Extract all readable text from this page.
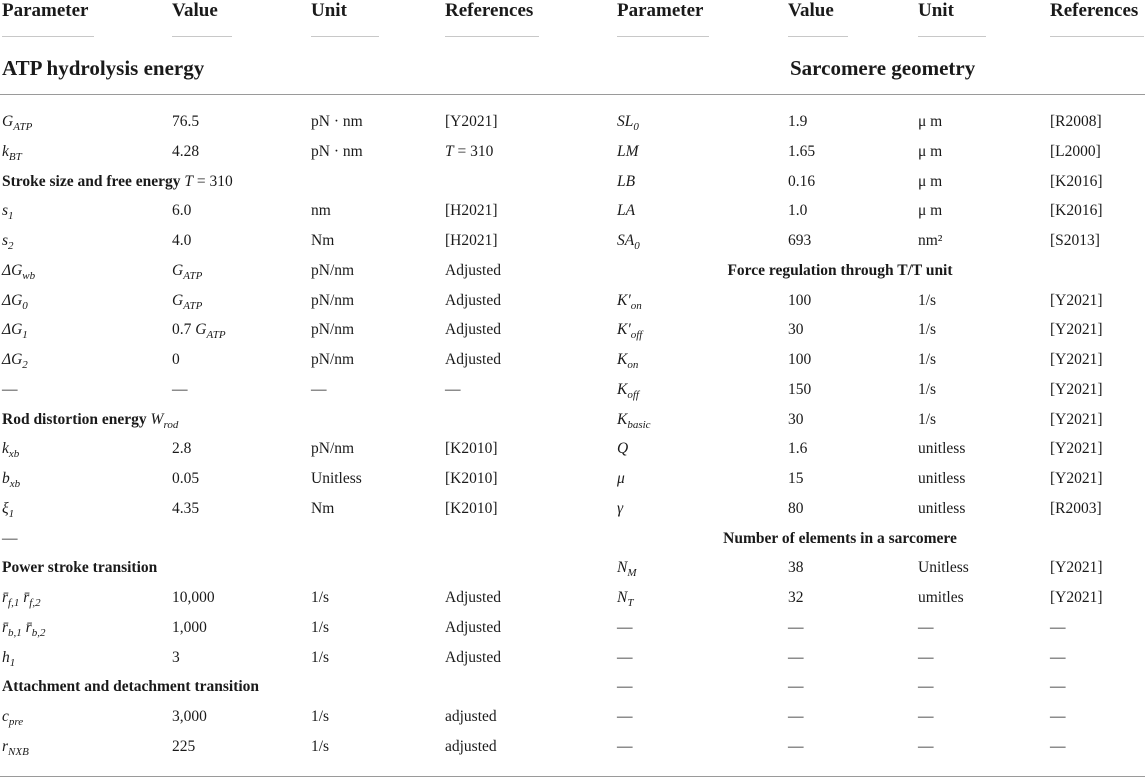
Parameter	Value	Unit	References	Parameter	Value	Unit	References
ATP hydrolysis energy	Sarcomere geometry
$G_{ATP}$	76.5	pN · nm	[Y2021]
$k_{BT}$	4.28	pN · nm	T = 310
Stroke size and free energy T = 310
$s_1$	6.0	nm	[H2021]
$s_2$	4.0	Nm	[H2021]
$\Delta G_{wb}$	$G_{ATP}$	pN/nm	Adjusted
$\Delta G_0$	$G_{ATP}$	pN/nm	Adjusted
$\Delta G_1$	0.7 $G_{ATP}$	pN/nm	Adjusted
$\Delta G_2$	0	pN/nm	Adjusted
—	—	—	—
Rod distortion energy $W_{rod}$
$k_{xb}$	2.8	pN/nm	[K2010]
$b_{xb}$	0.05	Unitless	[K2010]
$\xi_1$	4.35	Nm	[K2010]
—
Power stroke transition
$r̄_{f,1}$ $r̄_{f,2}$	10,000	1/s	Adjusted
$r̄_{b,1}$ $r̄_{b,2}$	1,000	1/s	Adjusted
$h_1$	3	1/s	Adjusted
Attachment and detachment transition
$c_{pre}$	3,000	1/s	adjusted
$r_{NXB}$	225	1/s	adjusted
$SL_0$	1.9	μ m	[R2008]
LM	1.65	μ m	[L2000]
LB	0.16	μ m	[K2016]
LA	1.0	μ m	[K2016]
$SA_0$	693	nm²	[S2013]
Force regulation through T/T unit
$K'_{on}$	100	1/s	[Y2021]
$K'_{off}$	30	1/s	[Y2021]
$K_{on}$	100	1/s	[Y2021]
$K_{off}$	150	1/s	[Y2021]
$K_{basic}$	30	1/s	[Y2021]
Q	1.6	unitless	[Y2021]
μ	15	unitless	[Y2021]
γ	80	unitless	[R2003]
Number of elements in a sarcomere
$N_M$	38	Unitless	[Y2021]
$N_T$	32	umitles	[Y2021]
—	—	—	—
—	—	—	—
—	—	—	—
—	—	—	—
—	—	—	—
